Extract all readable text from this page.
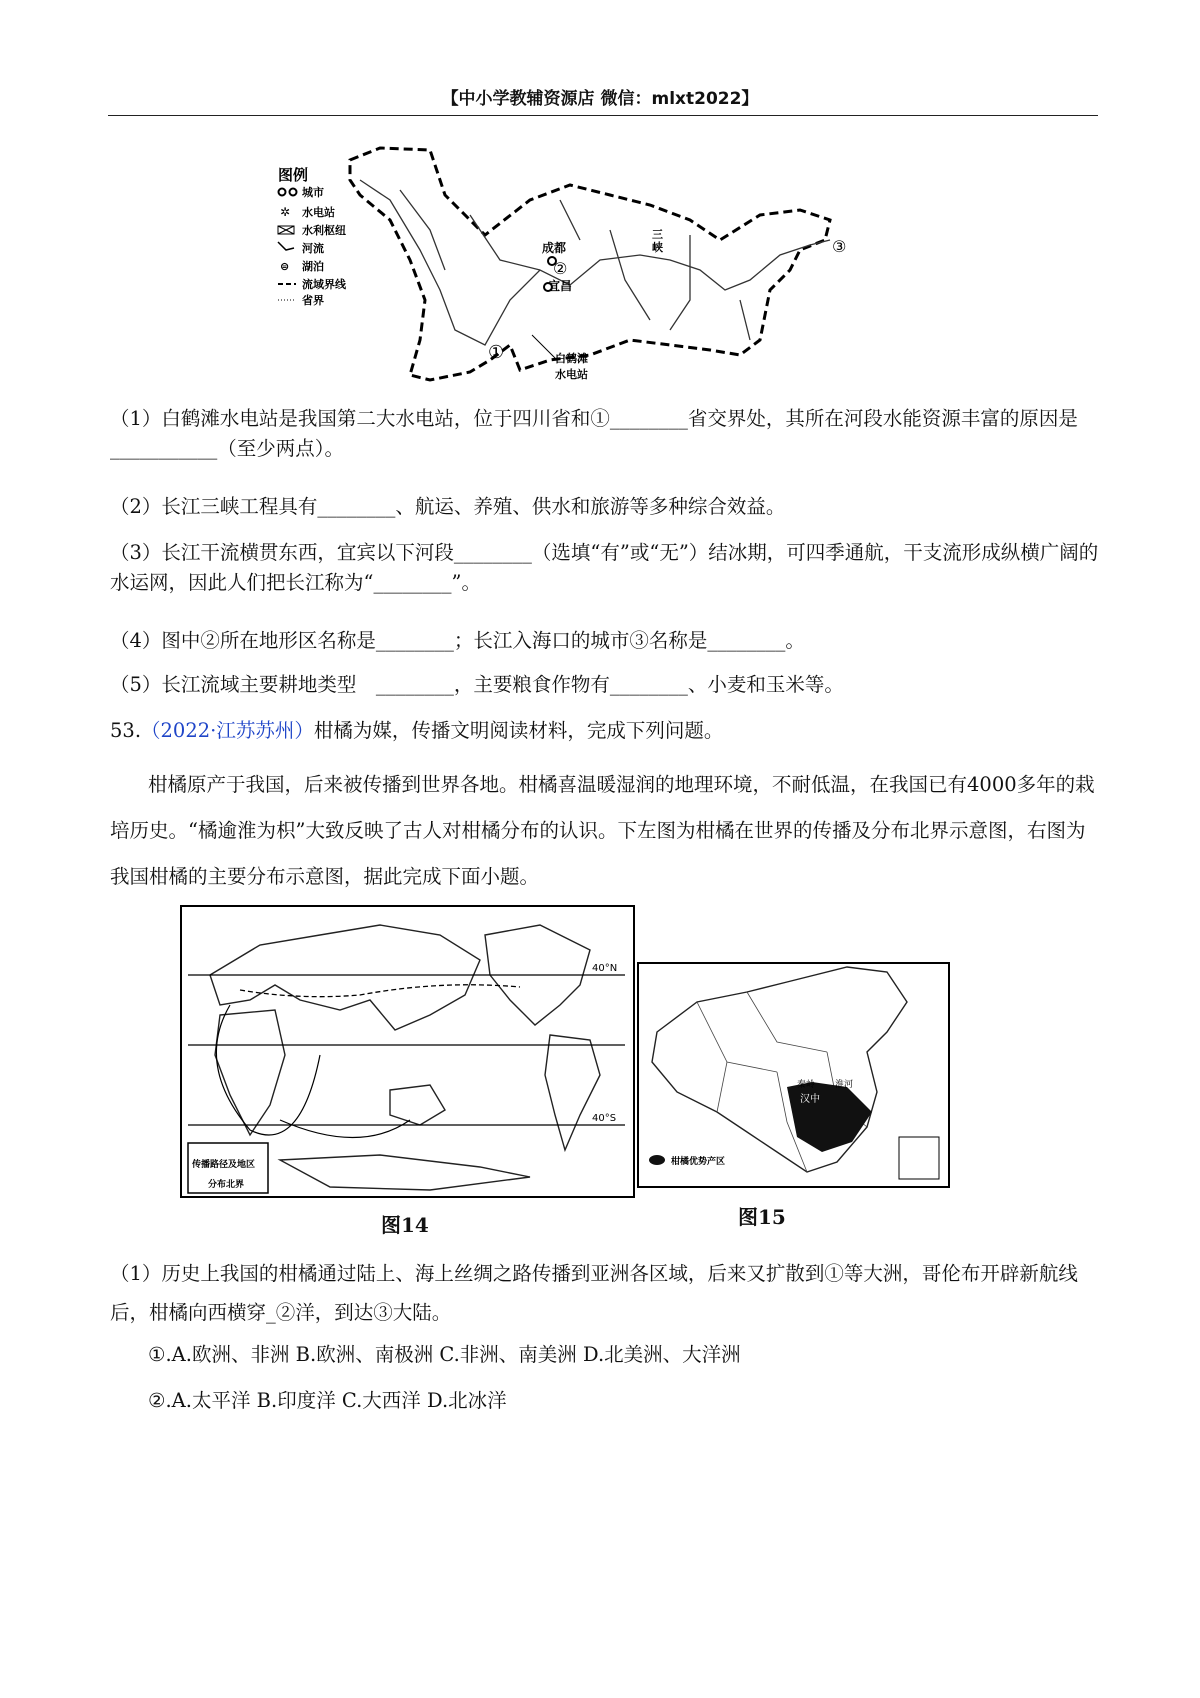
【中小学教辅资源店 微信：mlxt2022】
图例
城市
✲ 水电站
水利枢纽
河流
⊜ 湖泊
流域界线
省界
成都
宜昌
②
三
峡	③
①	白鹤滩
水电站
（1）白鹤滩水电站是我国第二大水电站，位于四川省和①________省交界处，其所在河段水能资源丰富的原因是___________（至少两点）。
（2）长江三峡工程具有________、航运、养殖、供水和旅游等多种综合效益。
（3）长江干流横贯东西，宜宾以下河段________（选填“有”或“无”）结冰期，可四季通航，干支流形成纵横广阔的水运网，因此人们把长江称为“________”。
（4）图中②所在地形区名称是________；长江入海口的城市③名称是________。
（5）长江流域主要耕地类型　________，主要粮食作物有________、小麦和玉米等。
53.（2022·江苏苏州）柑橘为媒，传播文明阅读材料，完成下列问题。
柑橘原产于我国，后来被传播到世界各地。柑橘喜温暖湿润的地理环境，不耐低温，在我国已有4000多年的栽培历史。“橘逾淮为枳”大致反映了古人对柑橘分布的认识。下左图为柑橘在世界的传播及分布北界示意图，右图为我国柑橘的主要分布示意图，据此完成下面小题。
40°N
40°S
传播路径及地区
分布北界
图14
汉中
秦岭 淮河
柑橘优势产区
图15
（1）历史上我国的柑橘通过陆上、海上丝绸之路传播到亚洲各区域，后来又扩散到①等大洲，哥伦布开辟新航线后，柑橘向西横穿_②洋，到达③大陆。
①.A.欧洲、非洲 B.欧洲、南极洲 C.非洲、南美洲 D.北美洲、大洋洲
②.A.太平洋 B.印度洋 C.大西洋 D.北冰洋
